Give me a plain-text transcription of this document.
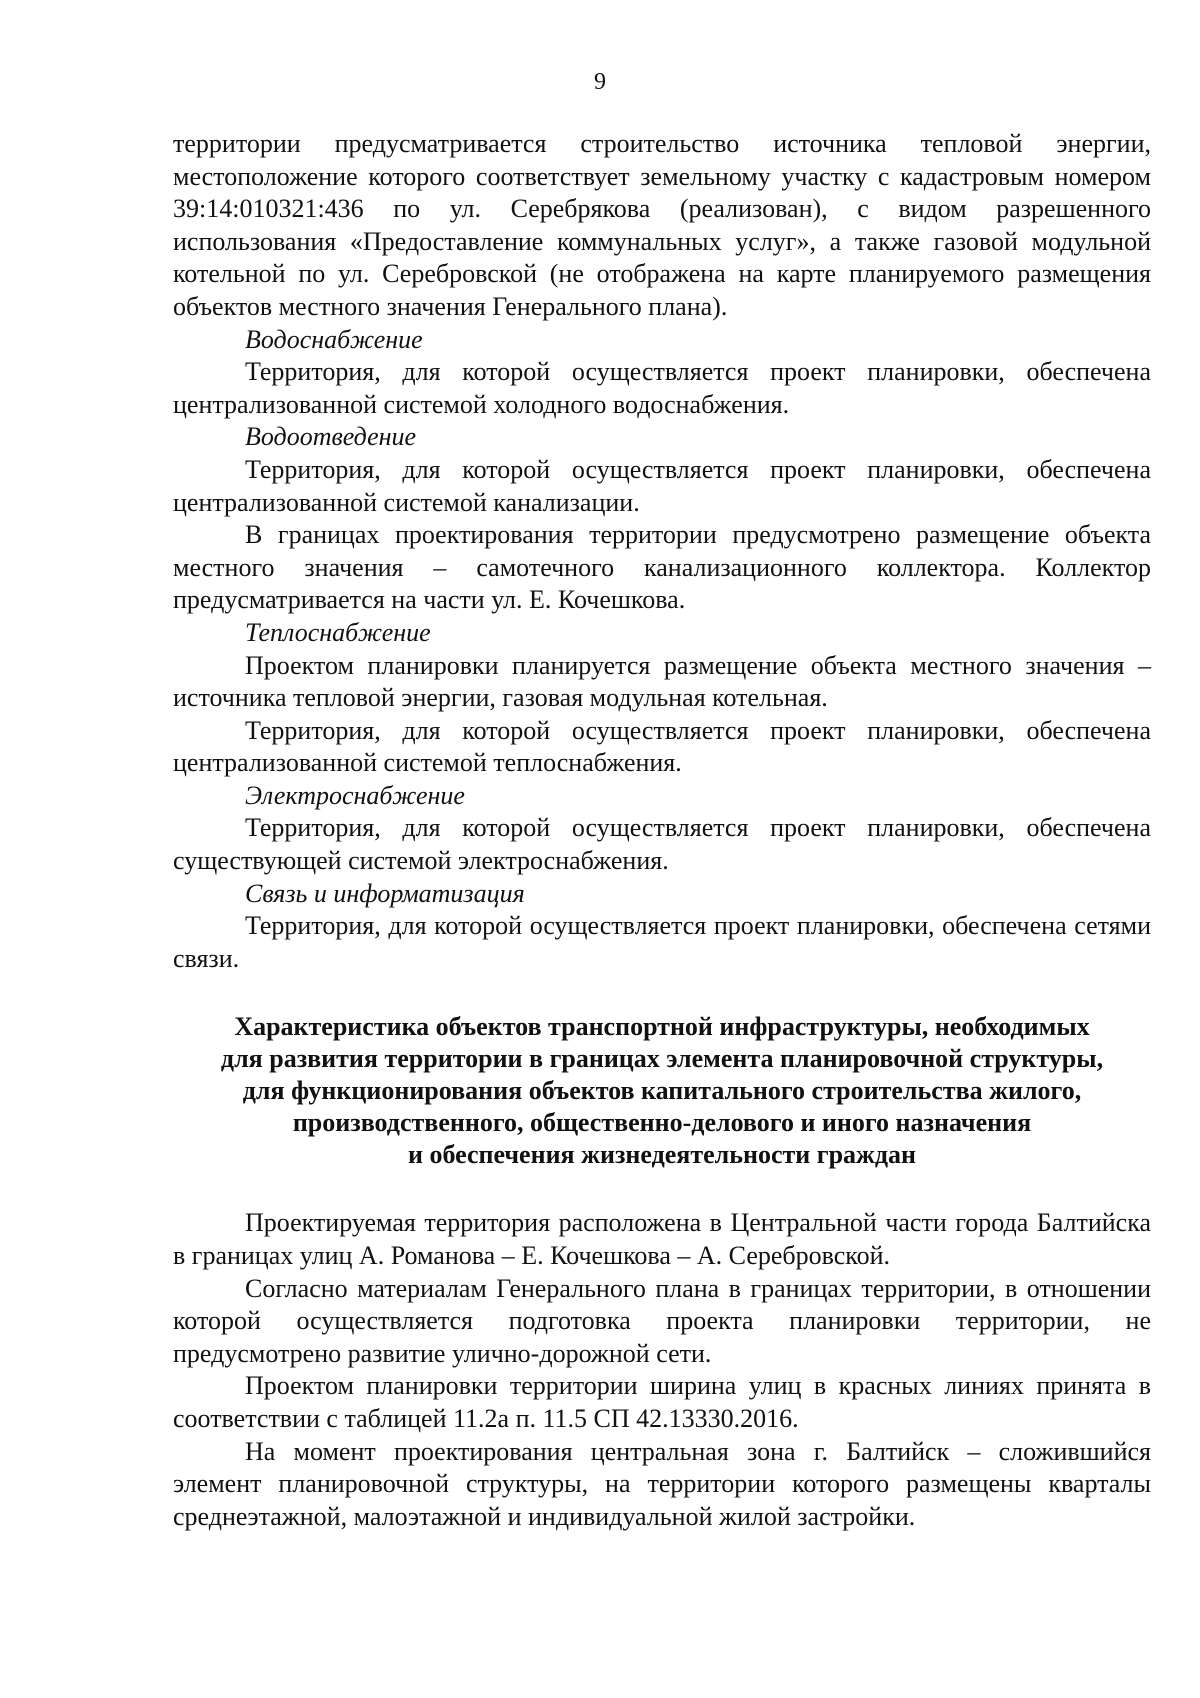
9

территории предусматривается строительство источника тепловой энергии, местоположение которого соответствует земельному участку с кадастровым номером 39:14:010321:436 по ул. Серебрякова (реализован), с видом разрешенного использования «Предоставление коммунальных услуг», а также газовой модульной котельной по ул. Серебровской (не отображена на карте планируемого размещения объектов местного значения Генерального плана).

Водоснабжение

Территория, для которой осуществляется проект планировки, обеспечена централизованной системой холодного водоснабжения.

Водоотведение

Территория, для которой осуществляется проект планировки, обеспечена централизованной системой канализации.

В границах проектирования территории предусмотрено размещение объекта местного значения – самотечного канализационного коллектора. Коллектор предусматривается на части ул. Е. Кочешкова.

Теплоснабжение

Проектом планировки планируется размещение объекта местного значения – источника тепловой энергии, газовая модульная котельная.

Территория, для которой осуществляется проект планировки, обеспечена централизованной системой теплоснабжения.

Электроснабжение

Территория, для которой осуществляется проект планировки, обеспечена существующей системой электроснабжения.

Связь и информатизация

Территория, для которой осуществляется проект планировки, обеспечена сетями связи.

Характеристика объектов транспортной инфраструктуры, необходимых
для развития территории в границах элемента планировочной структуры,
для функционирования объектов капитального строительства жилого,
производственного, общественно-делового и иного назначения
и обеспечения жизнедеятельности граждан

Проектируемая территория расположена в Центральной части города Балтийска в границах улиц А. Романова – Е. Кочешкова – А. Серебровской.

Согласно материалам Генерального плана в границах территории, в отношении которой осуществляется подготовка проекта планировки территории, не предусмотрено развитие улично-дорожной сети.

Проектом планировки территории ширина улиц в красных линиях принята в соответствии с таблицей 11.2а п. 11.5 СП 42.13330.2016.

На момент проектирования центральная зона г. Балтийск – сложившийся элемент планировочной структуры, на территории которого размещены кварталы среднеэтажной, малоэтажной и индивидуальной жилой застройки.
